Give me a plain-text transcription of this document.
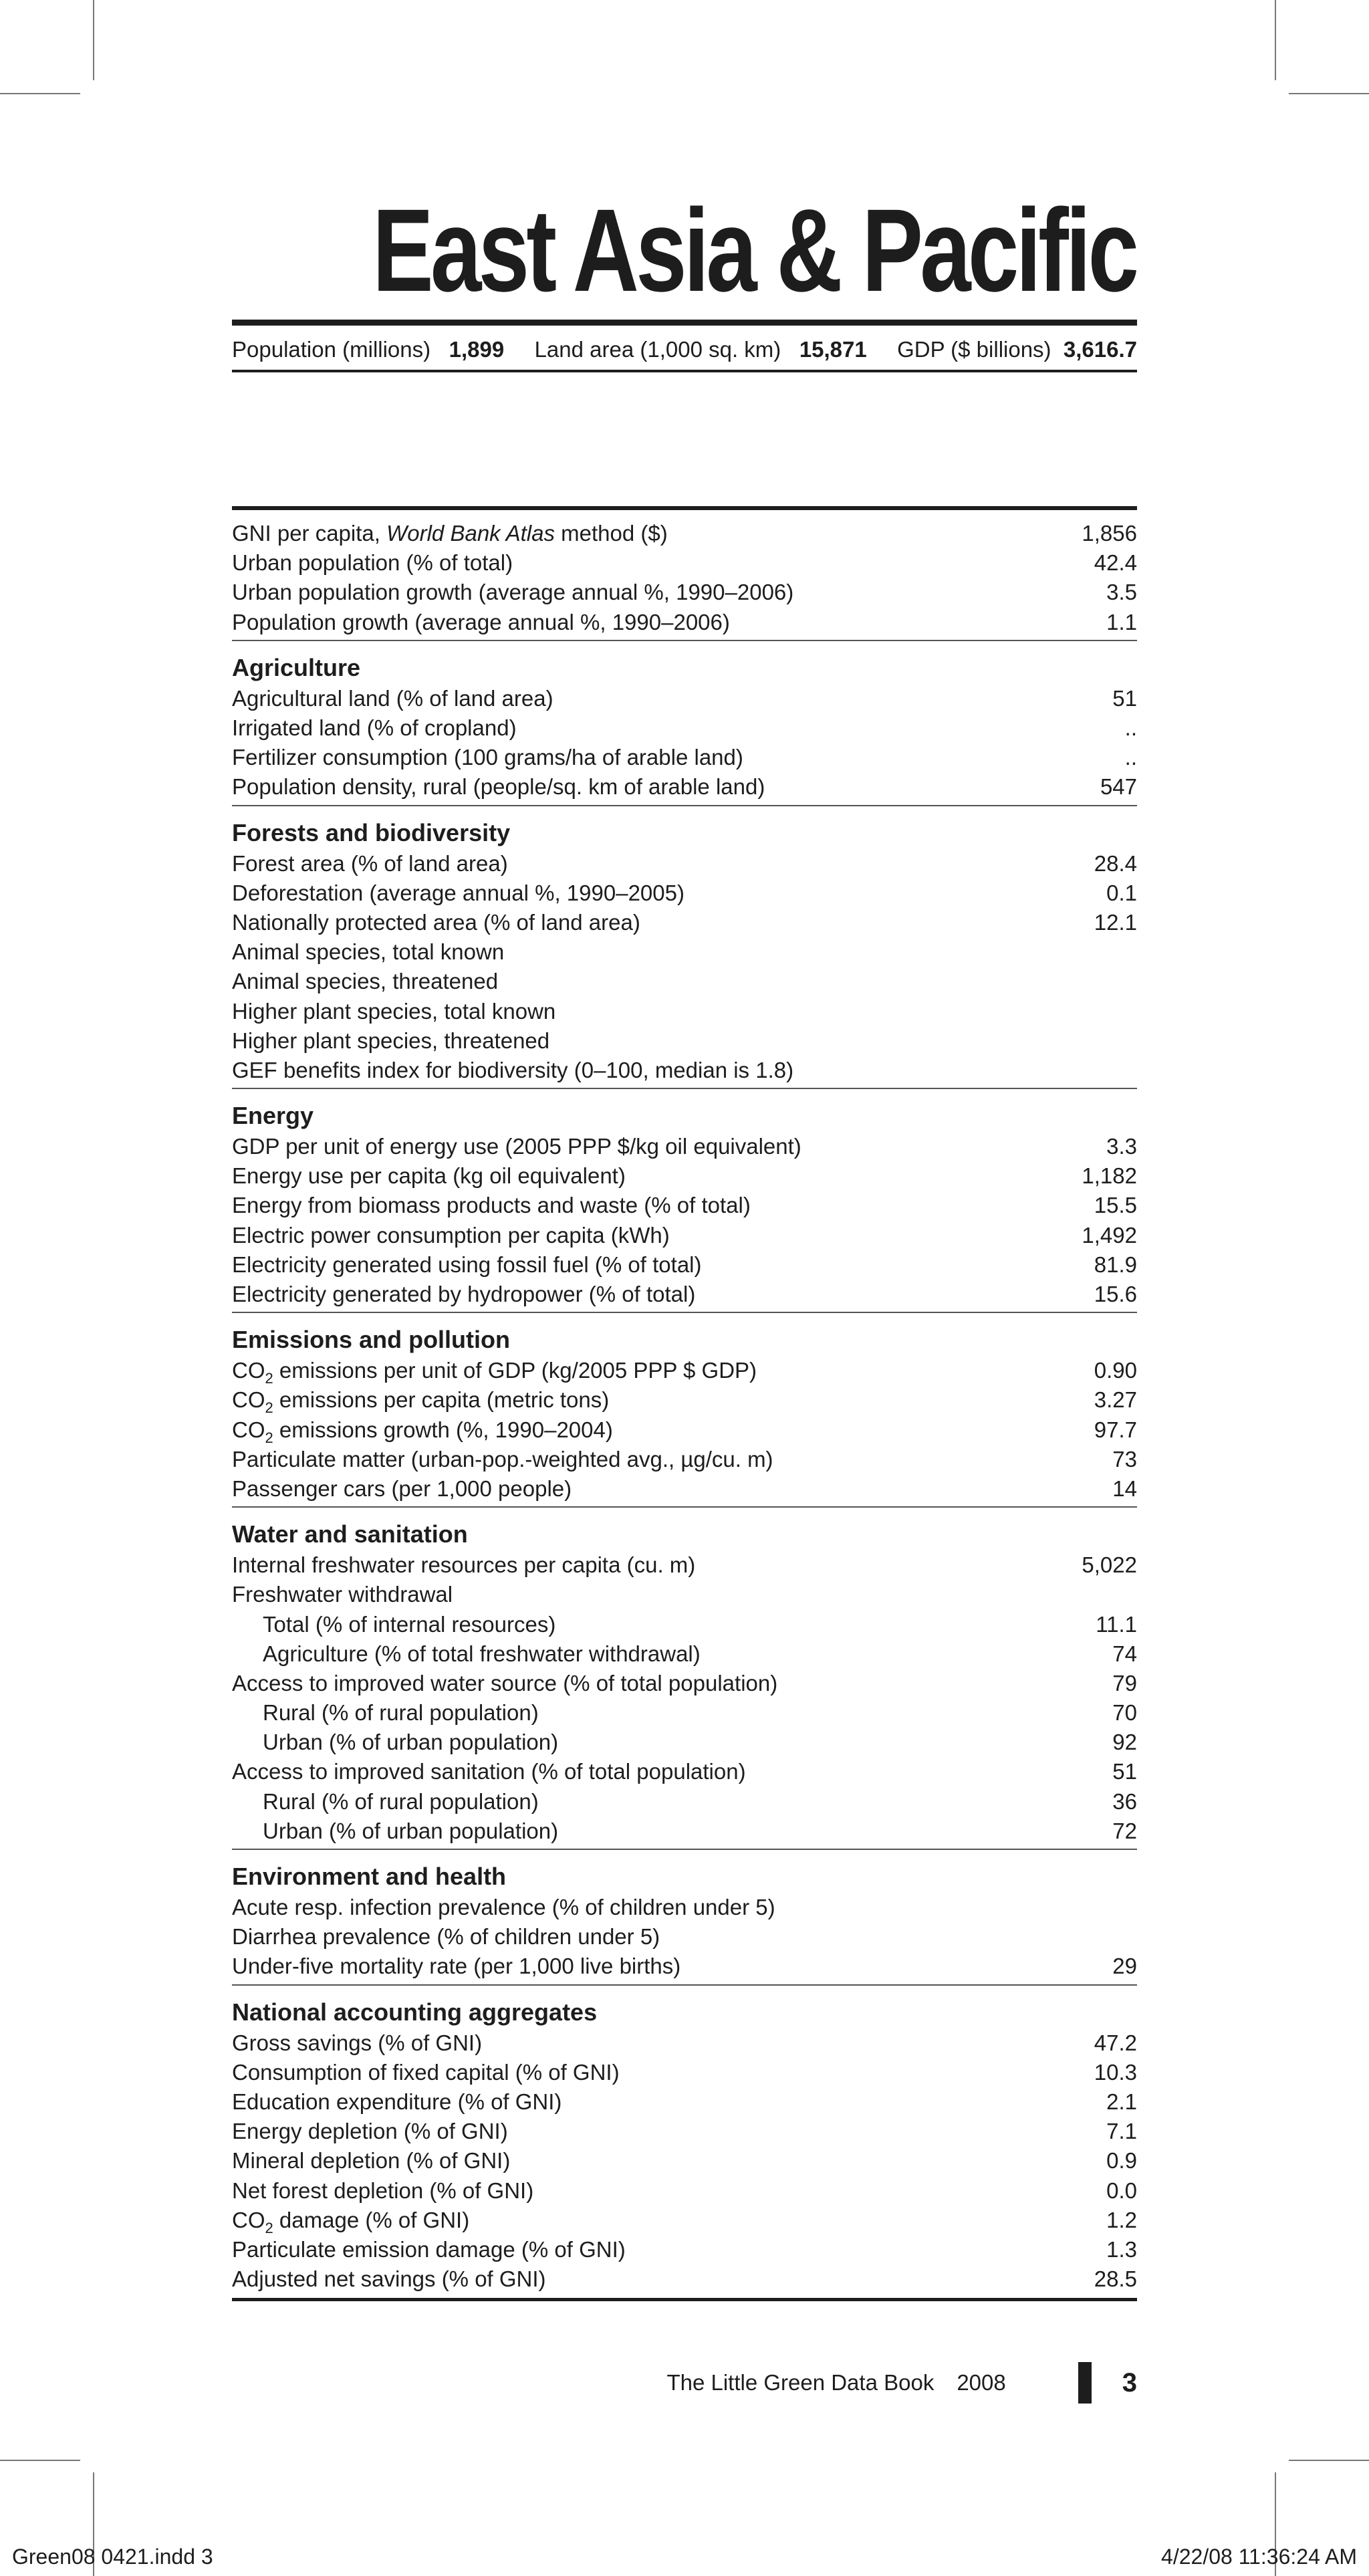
East Asia & Pacific
Population (millions) 1,899 Land area (1,000 sq. km) 15,871 GDP ($ billions) 3,616.7
GNI per capita, World Bank Atlas method ($)	1,856
Urban population (% of total)	42.4
Urban population growth (average annual %, 1990–2006)	3.5
Population growth (average annual %, 1990–2006)	1.1
Agriculture
Agricultural land (% of land area)	51
Irrigated land (% of cropland)	..
Fertilizer consumption (100 grams/ha of arable land)	..
Population density, rural (people/sq. km of arable land)	547
Forests and biodiversity
Forest area (% of land area)	28.4
Deforestation (average annual %, 1990–2005)	0.1
Nationally protected area (% of land area)	12.1
Animal species, total known
Animal species, threatened
Higher plant species, total known
Higher plant species, threatened
GEF benefits index for biodiversity (0–100, median is 1.8)
Energy
GDP per unit of energy use (2005 PPP $/kg oil equivalent)	3.3
Energy use per capita (kg oil equivalent)	1,182
Energy from biomass products and waste (% of total)	15.5
Electric power consumption per capita (kWh)	1,492
Electricity generated using fossil fuel (% of total)	81.9
Electricity generated by hydropower (% of total)	15.6
Emissions and pollution
$CO_2$ emissions per unit of GDP (kg/2005 PPP $ GDP)	0.90
$CO_2$ emissions per capita (metric tons)	3.27
$CO_2$ emissions growth (%, 1990–2004)	97.7
Particulate matter (urban-pop.-weighted avg., µg/cu. m)	73
Passenger cars (per 1,000 people)	14
Water and sanitation
Internal freshwater resources per capita (cu. m)	5,022
Freshwater withdrawal
Total (% of internal resources)	11.1
Agriculture (% of total freshwater withdrawal)	74
Access to improved water source (% of total population)	79
Rural (% of rural population)	70
Urban (% of urban population)	92
Access to improved sanitation (% of total population)	51
Rural (% of rural population)	36
Urban (% of urban population)	72
Environment and health
Acute resp. infection prevalence (% of children under 5)
Diarrhea prevalence (% of children under 5)
Under-five mortality rate (per 1,000 live births)	29
National accounting aggregates
Gross savings (% of GNI)	47.2
Consumption of fixed capital (% of GNI)	10.3
Education expenditure (% of GNI)	2.1
Energy depletion (% of GNI)	7.1
Mineral depletion (% of GNI)	0.9
Net forest depletion (% of GNI)	0.0
$CO_2$ damage (% of GNI)	1.2
Particulate emission damage (% of GNI)	1.3
Adjusted net savings (% of GNI)	28.5
The Little Green Data Book 2008	3
Green08 0421.indd 3	4/22/08 11:36:24 AM
